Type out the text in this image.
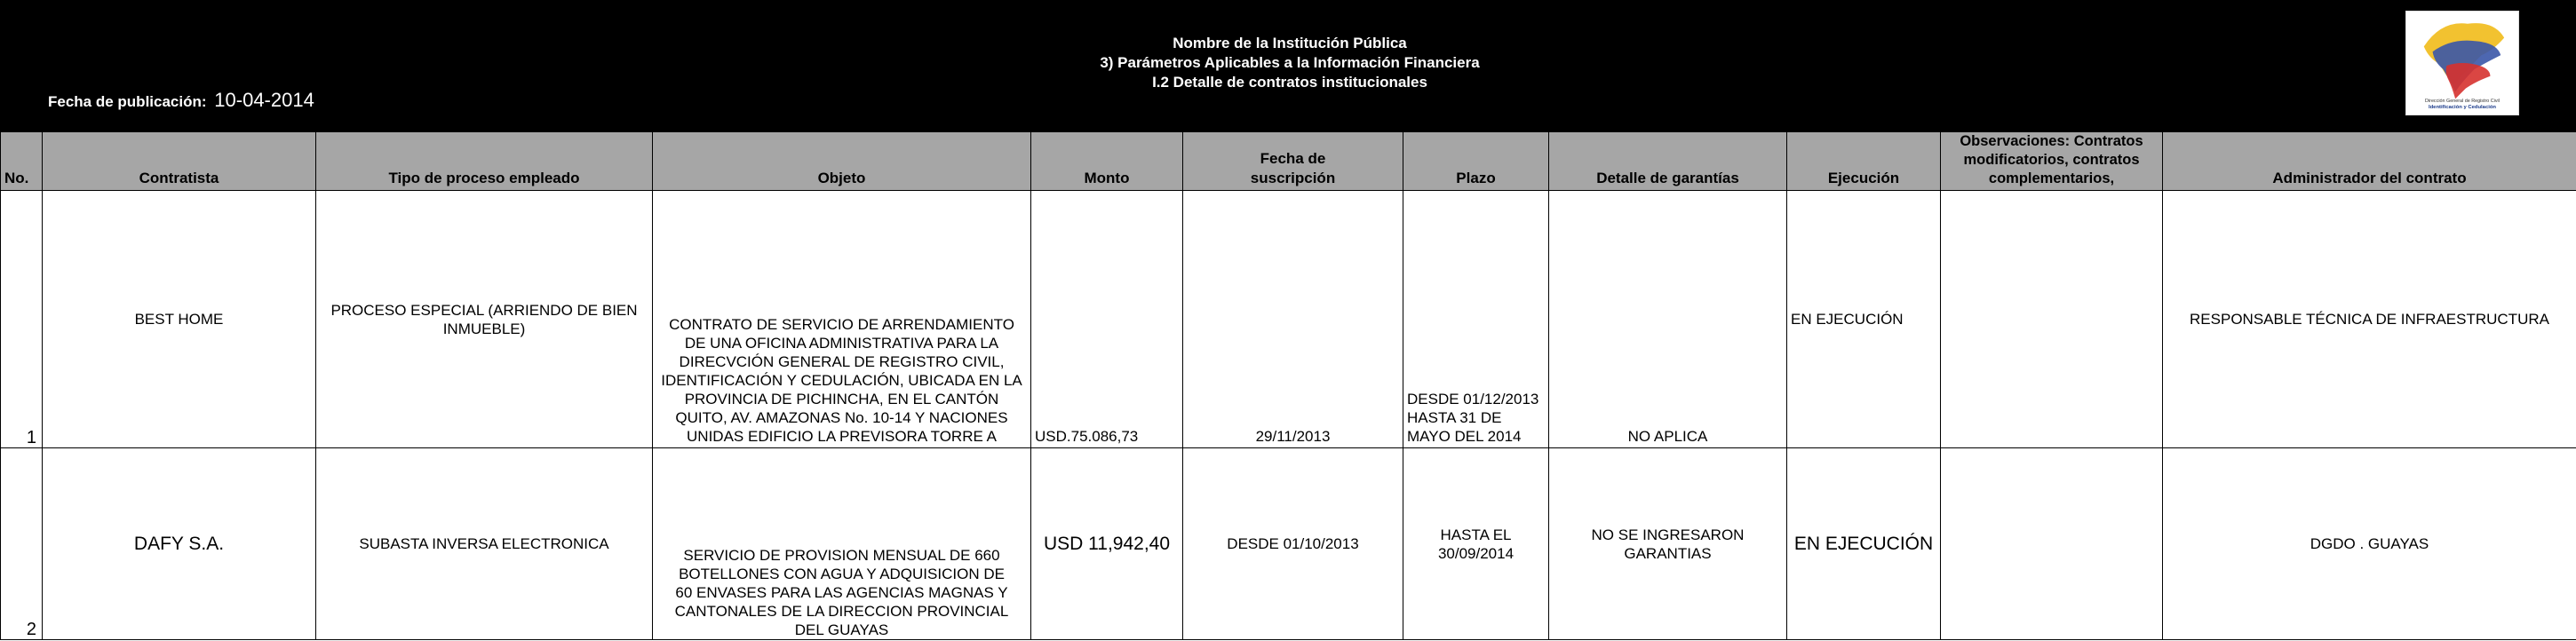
Nombre de la Institución Pública
3) Parámetros Aplicables a la Información Financiera
I.2 Detalle de contratos institucionales
Fecha de publicación: 10-04-2014	Dirección General de Registro Civil
Identificación y Cedulación
No.	Contratista	Tipo de proceso empleado	Objeto	Monto	Fecha de suscripción	Plazo	Detalle de garantías	Ejecución	Observaciones: Contratos modificatorios, contratos complementarios,	Administrador del contrato
1	BEST HOME	PROCESO ESPECIAL (ARRIENDO DE BIEN INMUEBLE)	CONTRATO DE SERVICIO DE ARRENDAMIENTO DE UNA OFICINA ADMINISTRATIVA PARA LA DIRECVCIÓN GENERAL DE REGISTRO CIVIL, IDENTIFICACIÓN Y CEDULACIÓN, UBICADA EN LA PROVINCIA DE PICHINCHA, EN EL CANTÓN QUITO, AV. AMAZONAS No. 10-14 Y NACIONES UNIDAS EDIFICIO LA PREVISORA TORRE A	USD.75.086,73	29/11/2013	DESDE 01/12/2013 HASTA 31 DE MAYO DEL 2014	NO APLICA	EN EJECUCIÓN		RESPONSABLE TÉCNICA DE INFRAESTRUCTURA
2	DAFY S.A.	SUBASTA INVERSA ELECTRONICA	SERVICIO DE PROVISION MENSUAL DE 660 BOTELLONES CON AGUA Y ADQUISICION DE 60 ENVASES PARA LAS AGENCIAS MAGNAS Y CANTONALES DE LA DIRECCION PROVINCIAL DEL GUAYAS	USD 11,942,40	DESDE 01/10/2013	HASTA EL 30/09/2014	NO SE INGRESARON GARANTIAS	EN EJECUCIÓN		DGDO . GUAYAS
